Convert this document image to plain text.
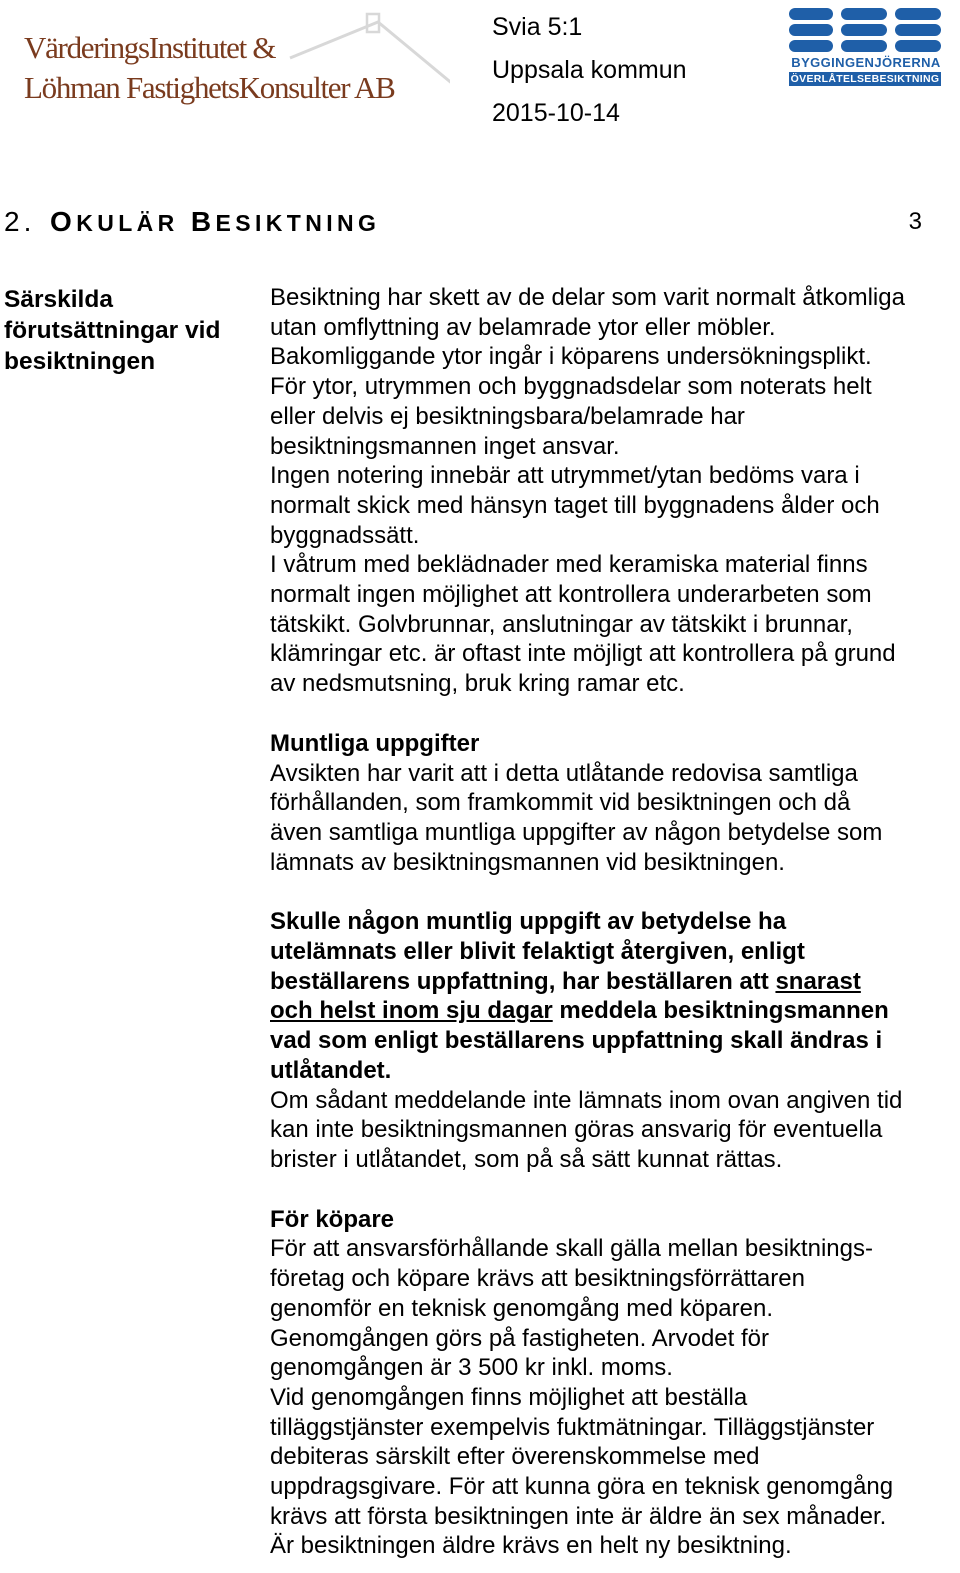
VärderingsInstitutet &
Löhman FastighetsKonsulter AB
Svia 5:1
Uppsala kommun
2015-10-14
BYGGINGENJÖRERNA
ÖVERLÅTELSEBESIKTNING
2. OKULÄR BESIKTNING	3
Särskilda
förutsättningar vid
besiktningen

Besiktning har skett av de delar som varit normalt åtkomliga

utan omflyttning av belamrade ytor eller möbler.

Bakomliggande ytor ingår i köparens undersökningsplikt.

För ytor, utrymmen och byggnadsdelar som noterats helt

eller delvis ej besiktningsbara/belamrade har

besiktningsmannen inget ansvar.

Ingen notering innebär att utrymmet/ytan bedöms vara i

normalt skick med hänsyn taget till byggnadens ålder och

byggnadssätt.

I våtrum med beklädnader med keramiska material finns

normalt ingen möjlighet att kontrollera underarbeten som

tätskikt. Golvbrunnar, anslutningar av tätskikt i brunnar,

klämringar etc. är oftast inte möjligt att kontrollera på grund

av nedsmutsning, bruk kring ramar etc.

Muntliga uppgifter

Avsikten har varit att i detta utlåtande redovisa samtliga

förhållanden, som framkommit vid besiktningen och då

även samtliga muntliga uppgifter av någon betydelse som

lämnats av besiktningsmannen vid besiktningen.

Skulle någon muntlig uppgift av betydelse ha

utelämnats eller blivit felaktigt återgiven, enligt

beställarens uppfattning, har beställaren att snarast

och helst inom sju dagar meddela besiktningsmannen

vad som enligt beställarens uppfattning skall ändras i

utlåtandet.

Om sådant meddelande inte lämnats inom ovan angiven tid

kan inte besiktningsmannen göras ansvarig för eventuella

brister i utlåtandet, som på så sätt kunnat rättas.

För köpare

För att ansvarsförhållande skall gälla mellan besiktnings-

företag och köpare krävs att besiktningsförrättaren

genomför en teknisk genomgång med köparen.

Genomgången görs på fastigheten. Arvodet för

genomgången är 3 500 kr inkl. moms.

Vid genomgången finns möjlighet att beställa

tilläggstjänster exempelvis fuktmätningar. Tilläggstjänster

debiteras särskilt efter överenskommelse med

uppdragsgivare. För att kunna göra en teknisk genomgång

krävs att första besiktningen inte är äldre än sex månader.

Är besiktningen äldre krävs en helt ny besiktning.
